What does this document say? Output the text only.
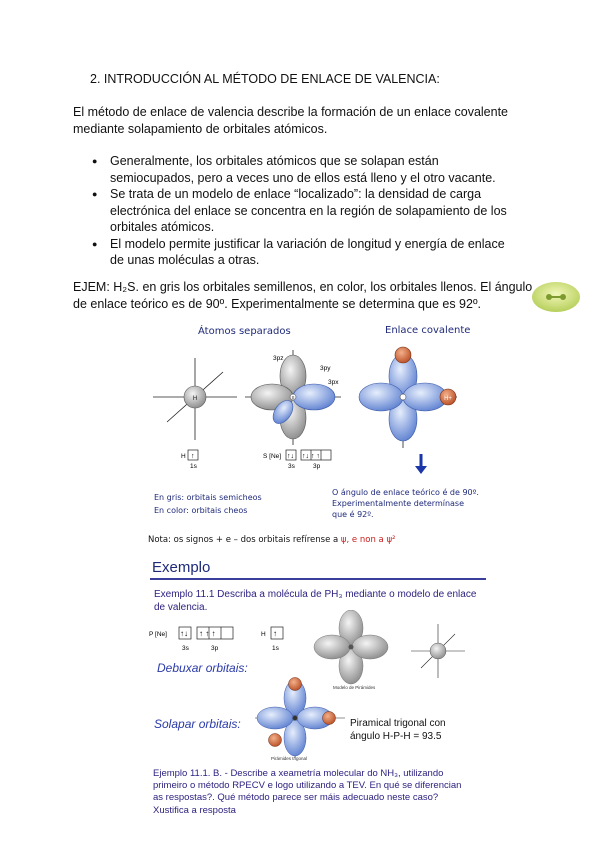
2. INTRODUCCIÓN AL MÉTODO DE ENLACE DE VALENCIA:
El método de enlace de valencia describe la formación de un enlace covalente
mediante solapamiento de orbitales atómicos.
● Generalmente, los orbitales atómicos que se solapan están semiocupados, pero a veces uno de ellos está lleno y el otro vacante.
● Se trata de un modelo de enlace “localizado”: la densidad de carga electrónica del enlace se concentra en la región de solapamiento de los orbitales atómicos.
● El modelo permite justificar la variación de longitud y energía de enlace de unas moléculas a otras.
EJEM: H₂S. en gris los orbitales semillenos, en color, los orbitales llenos. El ángulo
de enlace teórico es de 90º. Experimentalmente se determina que es 92º.
Átomos separados	Enlace covalente
H	S
3pz
3py
3px
H+
H ↑
1s
S [Ne] ↑↓ ↑↓ ↑ ↑
3s	3p
En gris: orbitais semicheos
En color: orbitais cheos
O ángulo de enlace teórico é de 90º.
Experimentalmente determínase
que é 92º.
Nota: os signos + e – dos orbitais refírense a ψ, e non a ψ²
Exemplo
Exemplo 11.1 Describa a molécula de PH₃ mediante o modelo de enlace
de valencia.
P [Ne] ↑↓ ↑ ↑ ↑
3s	3p
H ↑
1s
Modelo de Pirámides
Pirámides trigonal
Debuxar orbitais:
Solapar orbitais:	Piramical trigonal con
ángulo H-P-H = 93.5
Ejemplo 11.1. B. - Describe a xeametría molecular do NH₃, utilizando
primeiro o método RPECV e logo utilizando a TEV. En qué se diferencian
as respostas?. Qué método parece ser máis adecuado neste caso?
Xustifica a resposta
